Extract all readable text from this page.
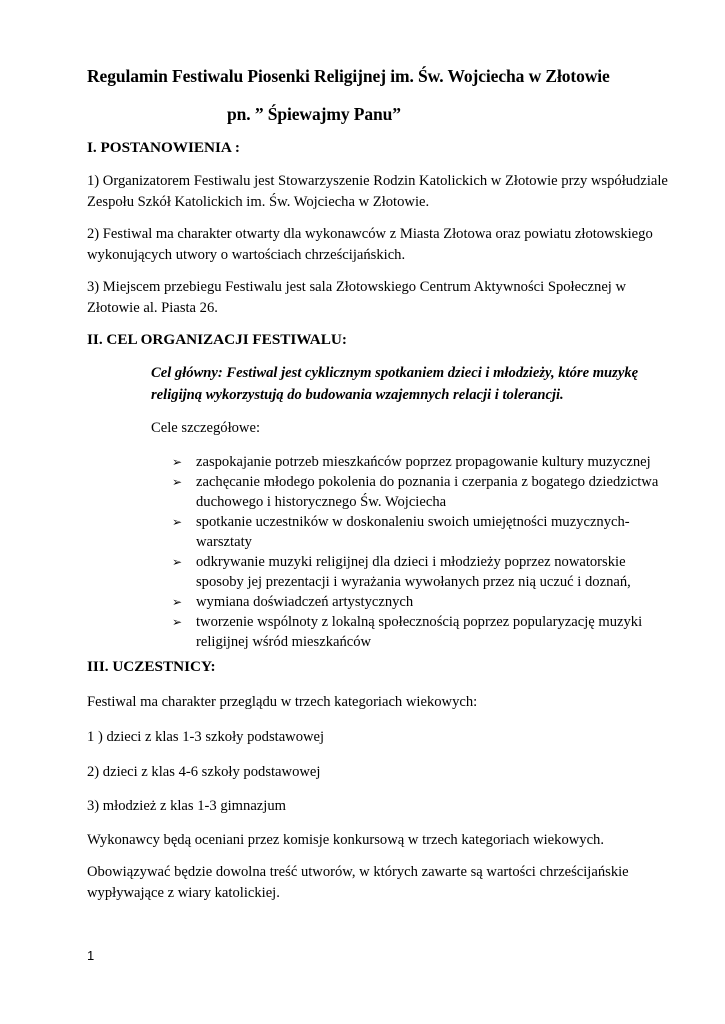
Regulamin Festiwalu Piosenki Religijnej im. Św. Wojciecha w Złotowie

pn. ” Śpiewajmy Panu”

I. POSTANOWIENIA :

1) Organizatorem Festiwalu jest Stowarzyszenie Rodzin Katolickich w Złotowie przy współudziale
Zespołu Szkół Katolickich im. Św. Wojciecha w Złotowie.
2) Festiwal ma charakter otwarty dla wykonawców z Miasta Złotowa oraz powiatu złotowskiego
wykonujących utwory o wartościach chrześcijańskich.
3) Miejscem przebiegu Festiwalu jest sala Złotowskiego Centrum Aktywności Społecznej w
Złotowie al. Piasta 26.

II. CEL ORGANIZACJI FESTIWALU:

Cel główny: Festiwal jest cyklicznym spotkaniem dzieci i młodzieży, które muzykę
religijną wykorzystują do budowania wzajemnych relacji i tolerancji.

Cele szczegółowe:

➢ zaspokajanie potrzeb mieszkańców poprzez propagowanie kultury muzycznej
➢ zachęcanie młodego pokolenia do poznania i czerpania z bogatego dziedzictwa
duchowego i historycznego Św. Wojciecha
➢ spotkanie uczestników w doskonaleniu swoich umiejętności muzycznych-
warsztaty
➢ odkrywanie muzyki religijnej dla dzieci i młodzieży poprzez nowatorskie
sposoby jej prezentacji i wyrażania wywołanych przez nią uczuć i doznań,
➢ wymiana doświadczeń artystycznych
➢ tworzenie wspólnoty z lokalną społecznością poprzez popularyzację muzyki
religijnej wśród mieszkańców

III. UCZESTNICY:

Festiwal ma charakter przeglądu w trzech kategoriach wiekowych:

1 ) dzieci z klas 1-3 szkoły podstawowej

2) dzieci z klas 4-6 szkoły podstawowej

3) młodzież z klas 1-3 gimnazjum

Wykonawcy będą oceniani przez komisje konkursową w trzech kategoriach wiekowych.

Obowiązywać będzie dowolna treść utworów, w których zawarte są wartości chrześcijańskie
wypływające z wiary katolickiej.
1
